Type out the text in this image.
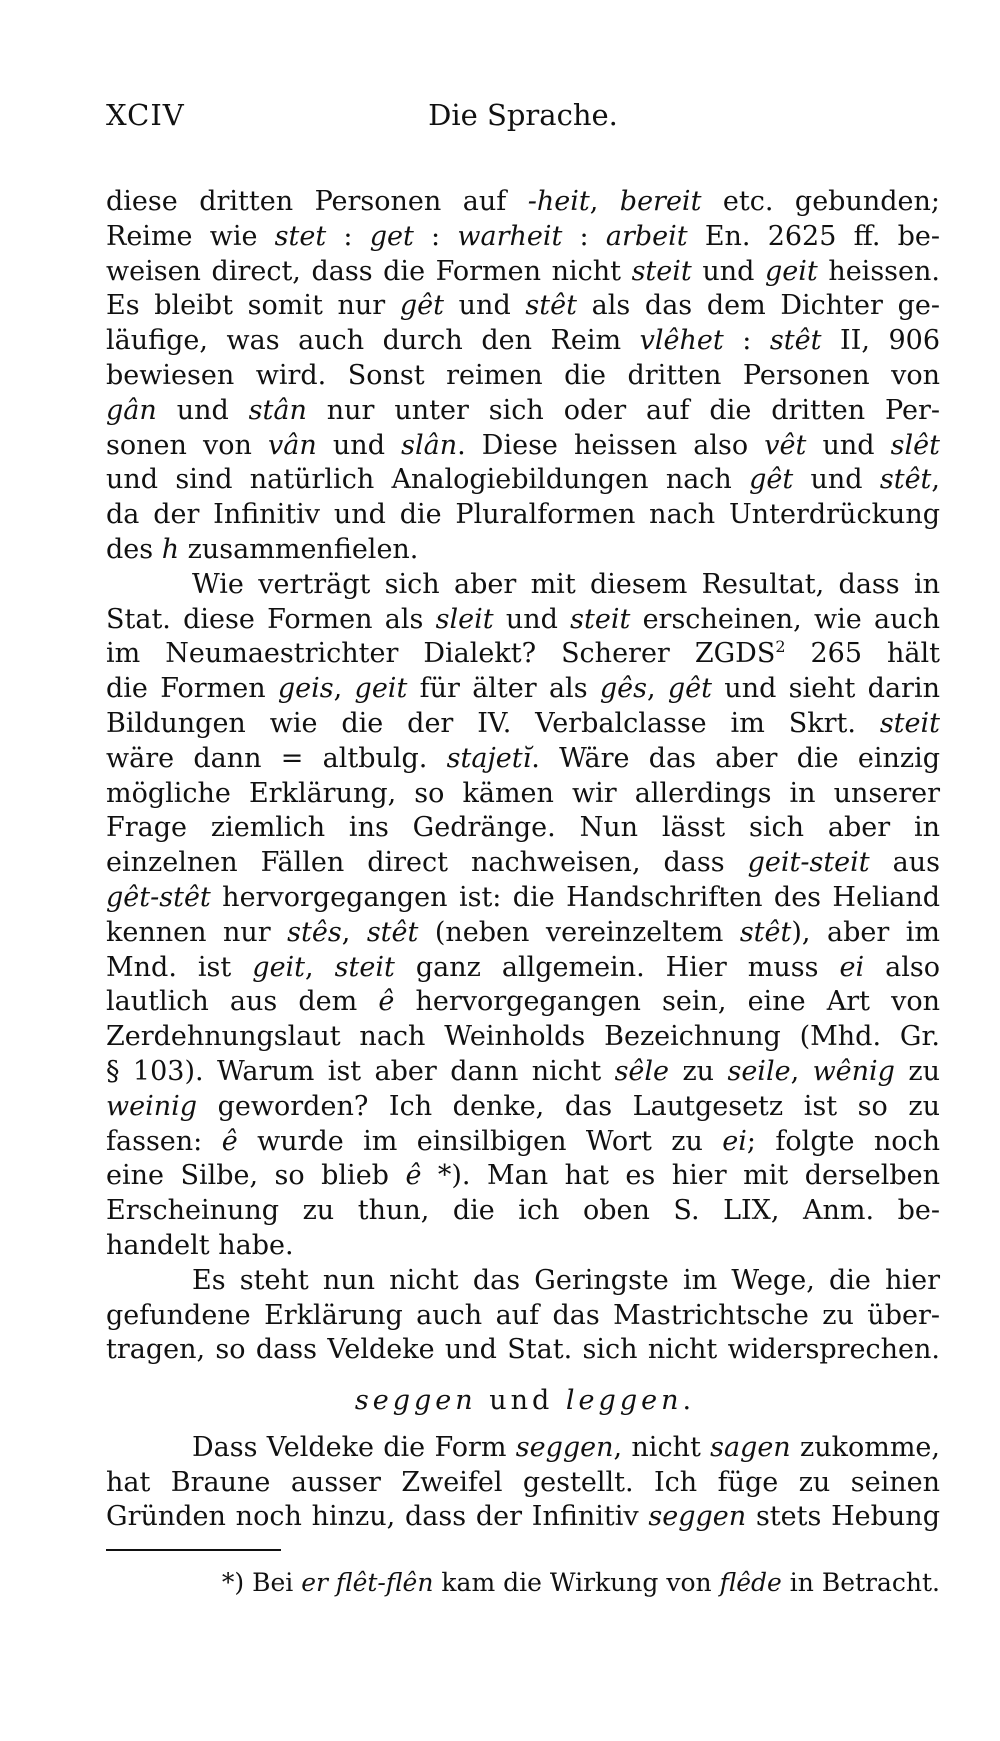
XCIV	Die Sprache.
diese dritten Personen auf -heit, bereit etc. gebunden;
Reime wie stet : get : warheit : arbeit En. 2625 ff. be-
weisen direct, dass die Formen nicht steit und geit heissen.
Es bleibt somit nur gêt und stêt als das dem Dichter ge-
läufige, was auch durch den Reim vlêhet : stêt II, 906
bewiesen wird. Sonst reimen die dritten Personen von
gân und stân nur unter sich oder auf die dritten Per-
sonen von vân und slân. Diese heissen also vêt und slêt
und sind natürlich Analogiebildungen nach gêt und stêt,
da der Infinitiv und die Pluralformen nach Unterdrückung
des h zusammenfielen.
Wie verträgt sich aber mit diesem Resultat, dass in
Stat. diese Formen als sleit und steit erscheinen, wie auch
im Neumaestrichter Dialekt? Scherer ZGDS$^2$ 265 hält
die Formen geis, geit für älter als gês, gêt und sieht darin
Bildungen wie die der IV. Verbalclasse im Skrt. steit
wäre dann = altbulg. stajetĭ. Wäre das aber die einzig
mögliche Erklärung, so kämen wir allerdings in unserer
Frage ziemlich ins Gedränge. Nun lässt sich aber in
einzelnen Fällen direct nachweisen, dass geit-steit aus
gêt-stêt hervorgegangen ist: die Handschriften des Heliand
kennen nur stês, stêt (neben vereinzeltem stêt), aber im
Mnd. ist geit, steit ganz allgemein. Hier muss ei also
lautlich aus dem ê hervorgegangen sein, eine Art von
Zerdehnungslaut nach Weinholds Bezeichnung (Mhd. Gr.
§ 103). Warum ist aber dann nicht sêle zu seile, wênig zu
weinig geworden? Ich denke, das Lautgesetz ist so zu
fassen: ê wurde im einsilbigen Wort zu ei; folgte noch
eine Silbe, so blieb ê *). Man hat es hier mit derselben
Erscheinung zu thun, die ich oben S. LIX, Anm. be-
handelt habe.
Es steht nun nicht das Geringste im Wege, die hier
gefundene Erklärung auch auf das Mastrichtsche zu über-
tragen, so dass Veldeke und Stat. sich nicht widersprechen.
seggen und leggen.
Dass Veldeke die Form seggen, nicht sagen zukomme,
hat Braune ausser Zweifel gestellt. Ich füge zu seinen
Gründen noch hinzu, dass der Infinitiv seggen stets Hebung
*) Bei er flêt-flên kam die Wirkung von flêde in Betracht.
